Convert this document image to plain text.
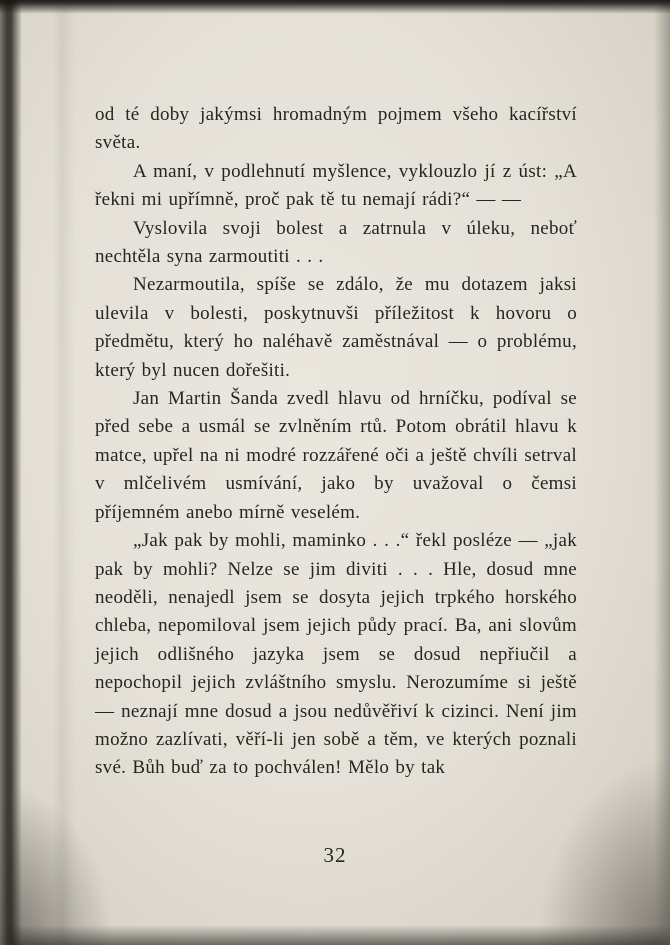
od té doby jakýmsi hromadným pojmem všeho kacířství světa.

A maní, v podlehnutí myšlence, vyklouzlo jí z úst: „A řekni mi upřímně, proč pak tě tu nemají rádi?“ — —

Vyslovila svoji bolest a zatrnula v úleku, neboť nechtěla syna zarmoutiti . . .

Nezarmoutila, spíše se zdálo, že mu dotazem jaksi ulevila v bolesti, poskytnuvši příležitost k hovoru o předmětu, který ho naléhavě zaměstnával — o problému, který byl nucen dořešiti.

Jan Martin Šanda zvedl hlavu od hrníčku, podíval se před sebe a usmál se zvlněním rtů. Potom obrátil hlavu k matce, upřel na ni modré rozzářené oči a ještě chvíli setrval v mlčelivém usmívání, jako by uvažoval o čemsi příjemném anebo mírně veselém.

„Jak pak by mohli, maminko . . .“ řekl posléze — „jak pak by mohli? Nelze se jim diviti . . . Hle, dosud mne neoděli, nenajedl jsem se dosyta jejich trpkého horského chleba, nepomiloval jsem jejich půdy prací. Ba, ani slovům jejich odlišného jazyka jsem se dosud nepřiučil a nepochopil jejich zvláštního smyslu. Nerozumíme si ještě — neznají mne dosud a jsou nedůvěřiví k cizinci. Není jim možno zazlívati, věří-li jen sobě a těm, ve kterých poznali své. Bůh buď za to pochválen! Mělo by tak

32
